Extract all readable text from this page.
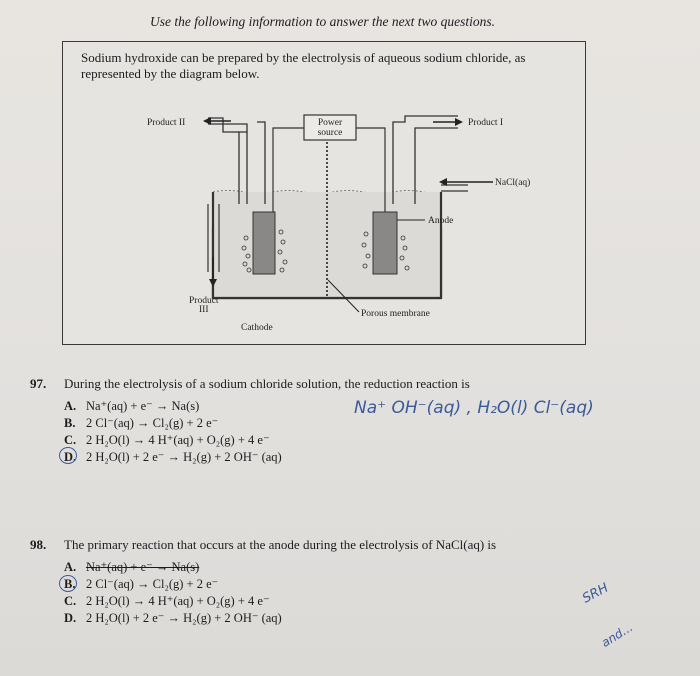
Use the following information to answer the next two questions.
Sodium hydroxide can be prepared by the electrolysis of aqueous sodium chloride, as represented by the diagram below.
Power
source
Product II	Product I
NaCl(aq)
Product
III
Anode
Porous membrane
Cathode
97. During the electrolysis of a sodium chloride solution, the reduction reaction is
A. Na⁺(aq) + e⁻ → Na(s)
B. 2 Cl⁻(aq) → Cl₂(g) + 2 e⁻
C. 2 H₂O(l) → 4 H⁺(aq) + O₂(g) + 4 e⁻
D. 2 H₂O(l) + 2 e⁻ → H₂(g) + 2 OH⁻ (aq)
Na⁺ OH⁻(aq) , H₂O(l) Cl⁻(aq)
98. The primary reaction that occurs at the anode during the electrolysis of NaCl(aq) is
A. Na⁺(aq) + e⁻ → Na(s)
B. 2 Cl⁻(aq) → Cl₂(g) + 2 e⁻
C. 2 H₂O(l) → 4 H⁺(aq) + O₂(g) + 4 e⁻
D. 2 H₂O(l) + 2 e⁻ → H₂(g) + 2 OH⁻ (aq)
SRH
and...
